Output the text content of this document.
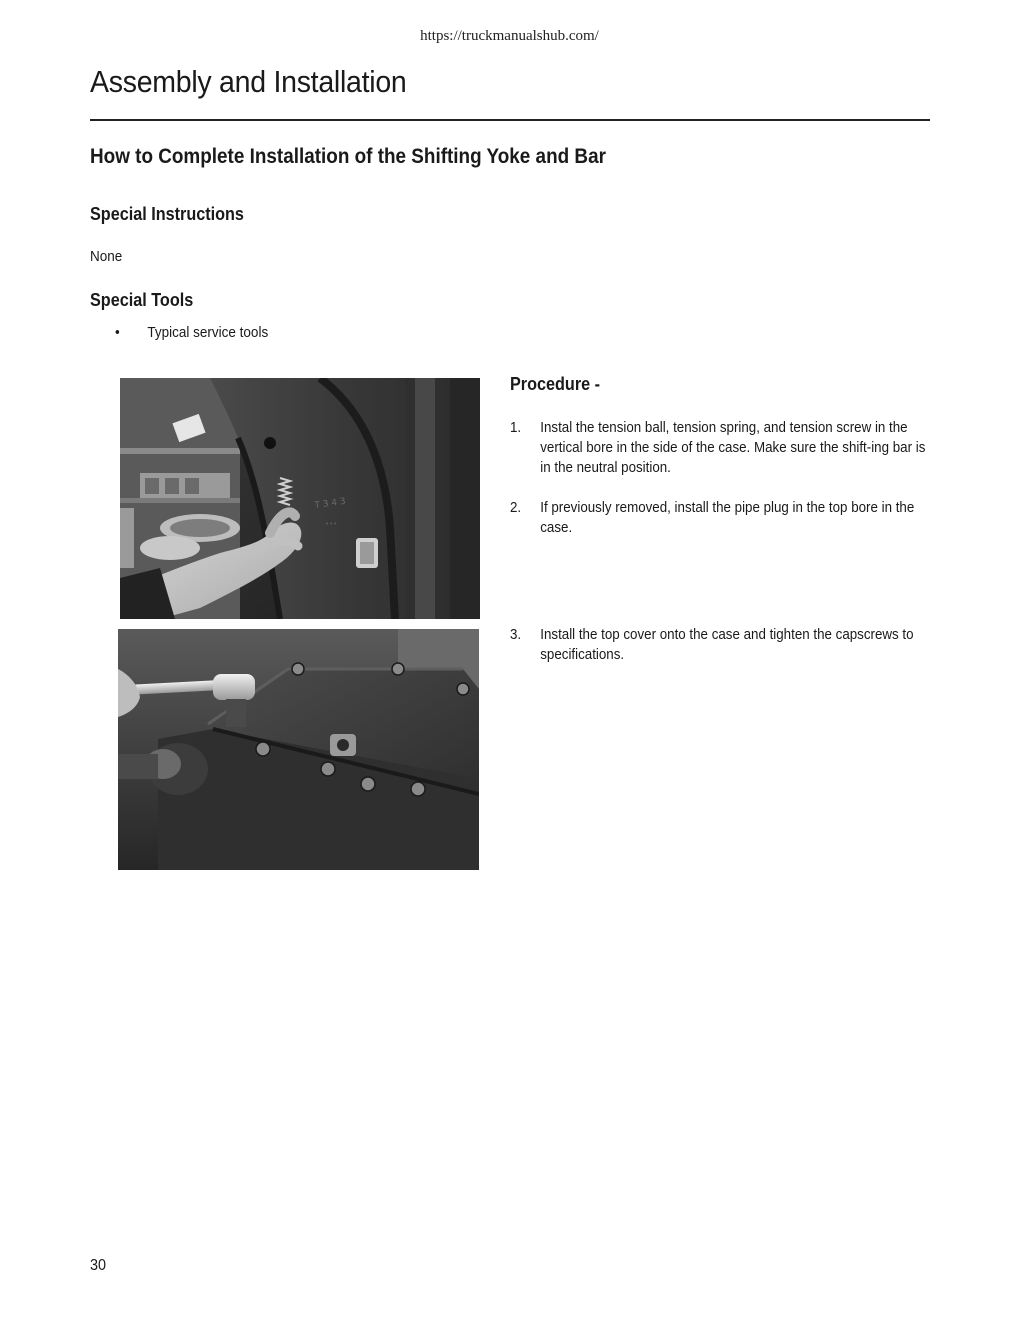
https://truckmanualshub.com/
Assembly and Installation
How to Complete Installation of the Shifting Yoke and Bar
Special Instructions
None
Special Tools
•	Typical service tools
T 3 4 3
•••
Procedure -
1.	Instal the tension ball, tension spring, and tension screw in the vertical bore in the side of the case. Make sure the shift-ing bar is in the neutral position.
2.	If previously removed, install the pipe plug in the top bore in the case.
3.	Install the top cover onto the case and tighten the capscrews to specifications.
30
